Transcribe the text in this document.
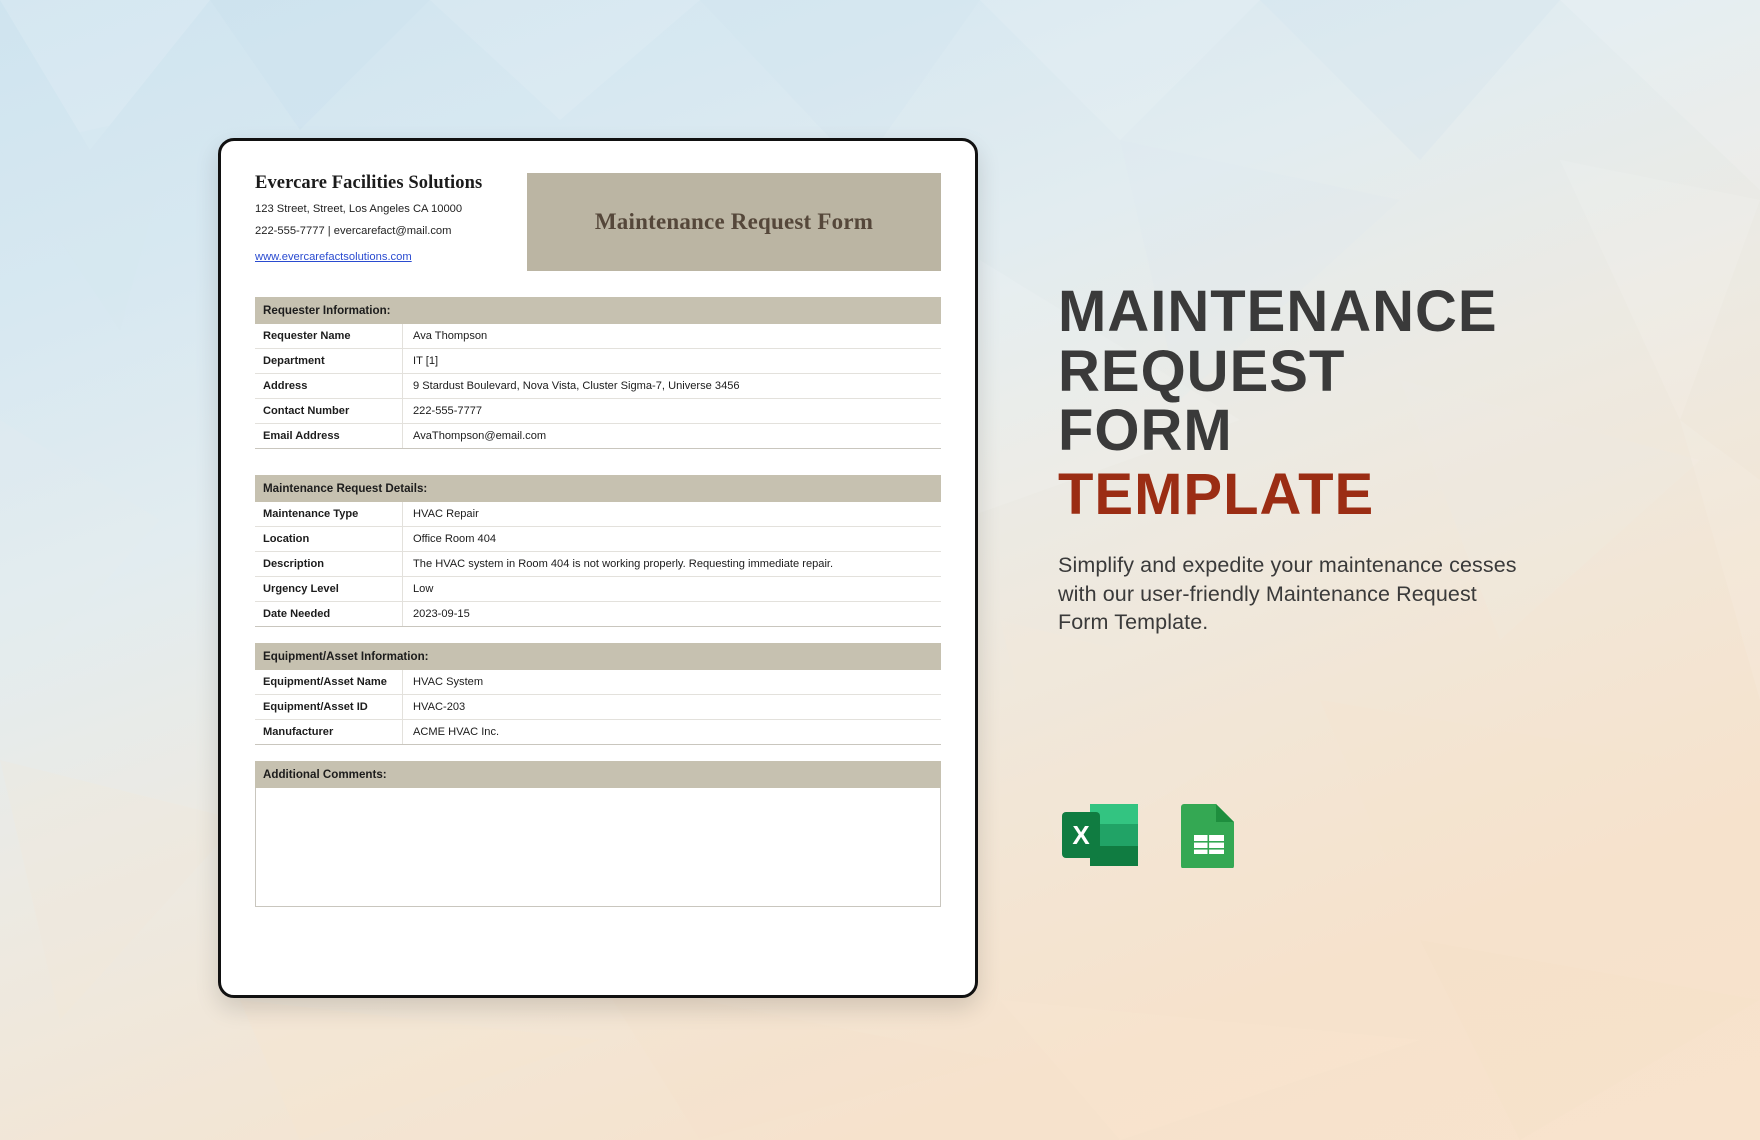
Evercare Facilities Solutions
123 Street, Street, Los Angeles CA 10000
222-555-7777 | evercarefact@mail.com
www.evercarefactsolutions.com
Maintenance Request Form
Requester Information:
Requester Name	Ava Thompson
Department	IT [1]
Address	9 Stardust Boulevard, Nova Vista, Cluster Sigma-7, Universe 3456
Contact Number	222-555-7777
Email Address	AvaThompson@email.com
Maintenance Request Details:
Maintenance Type	HVAC Repair
Location	Office Room 404
Description	The HVAC system in Room 404 is not working properly. Requesting immediate repair.
Urgency Level	Low
Date Needed	2023-09-15
Equipment/Asset Information:
Equipment/Asset Name	HVAC System
Equipment/Asset ID	HVAC-203
Manufacturer	ACME HVAC Inc.
Additional Comments:
MAINTENANCE
REQUEST
FORM
TEMPLATE
Simplify and expedite your maintenance cesses with our user-friendly Maintenance Request Form Template.
X
